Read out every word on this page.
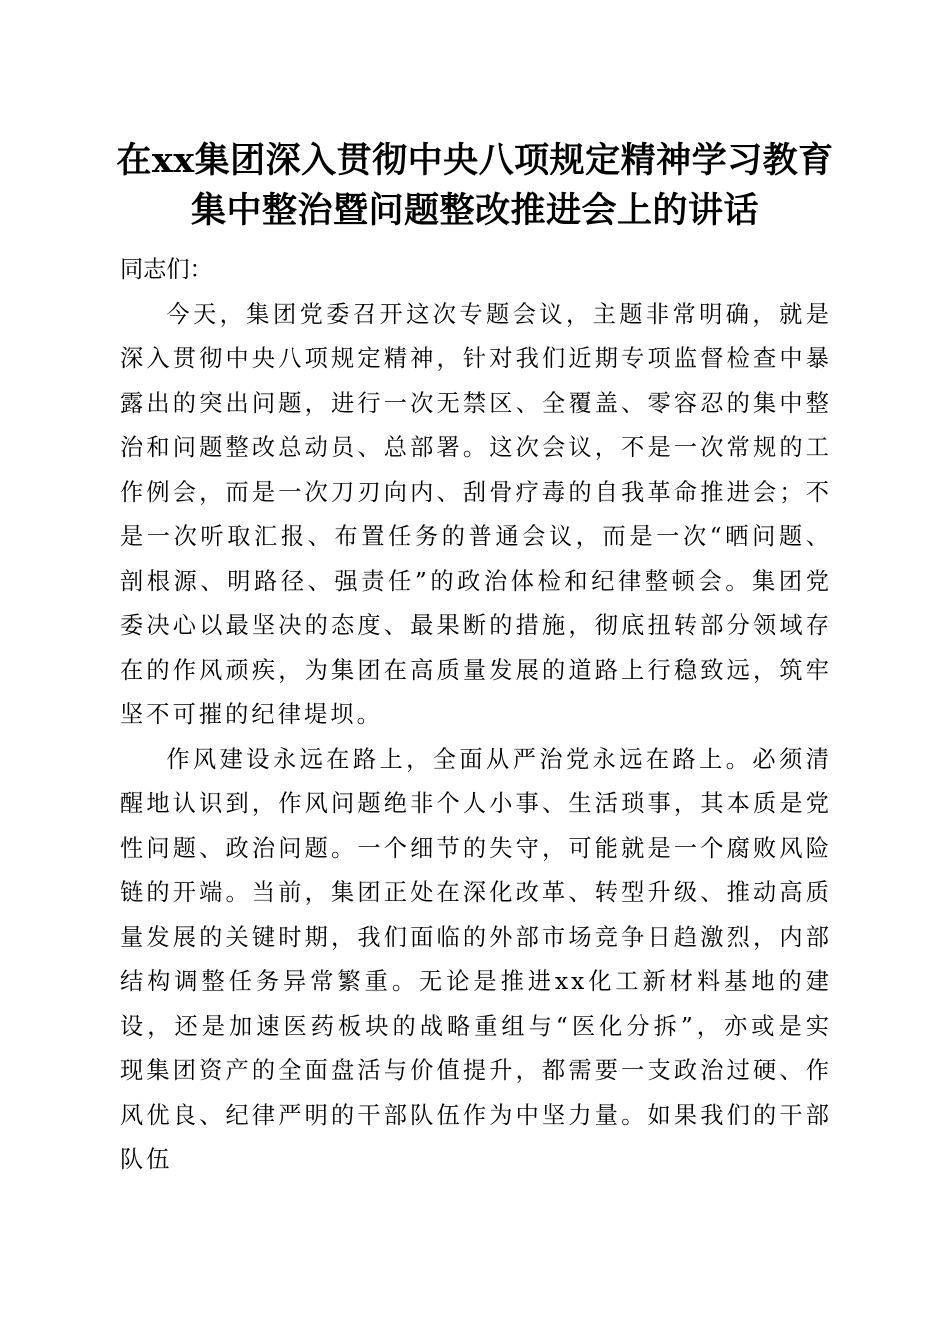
在xx集团深入贯彻中央八项规定精神学习教育集中整治暨问题整改推进会上的讲话

同志们：

今天，集团党委召开这次专题会议，主题非常明确，就是深入贯彻中央八项规定精神，针对我们近期专项监督检查中暴露出的突出问题，进行一次无禁区、全覆盖、零容忍的集中整治和问题整改总动员、总部署。这次会议，不是一次常规的工作例会，而是一次刀刃向内、刮骨疗毒的自我革命推进会；不是一次听取汇报、布置任务的普通会议，而是一次“晒问题、剖根源、明路径、强责任”的政治体检和纪律整顿会。集团党委决心以最坚决的态度、最果断的措施，彻底扭转部分领域存在的作风顽疾，为集团在高质量发展的道路上行稳致远，筑牢坚不可摧的纪律堤坝。

作风建设永远在路上，全面从严治党永远在路上。必须清醒地认识到，作风问题绝非个人小事、生活琐事，其本质是党性问题、政治问题。一个细节的失守，可能就是一个腐败风险链的开端。当前，集团正处在深化改革、转型升级、推动高质量发展的关键时期，我们面临的外部市场竞争日趋激烈，内部结构调整任务异常繁重。无论是推进xx化工新材料基地的建设，还是加速医药板块的战略重组与“医化分拆”，亦或是实现集团资产的全面盘活与价值提升，都需要一支政治过硬、作风优良、纪律严明的干部队伍作为中坚力量。如果我们的干部队伍
